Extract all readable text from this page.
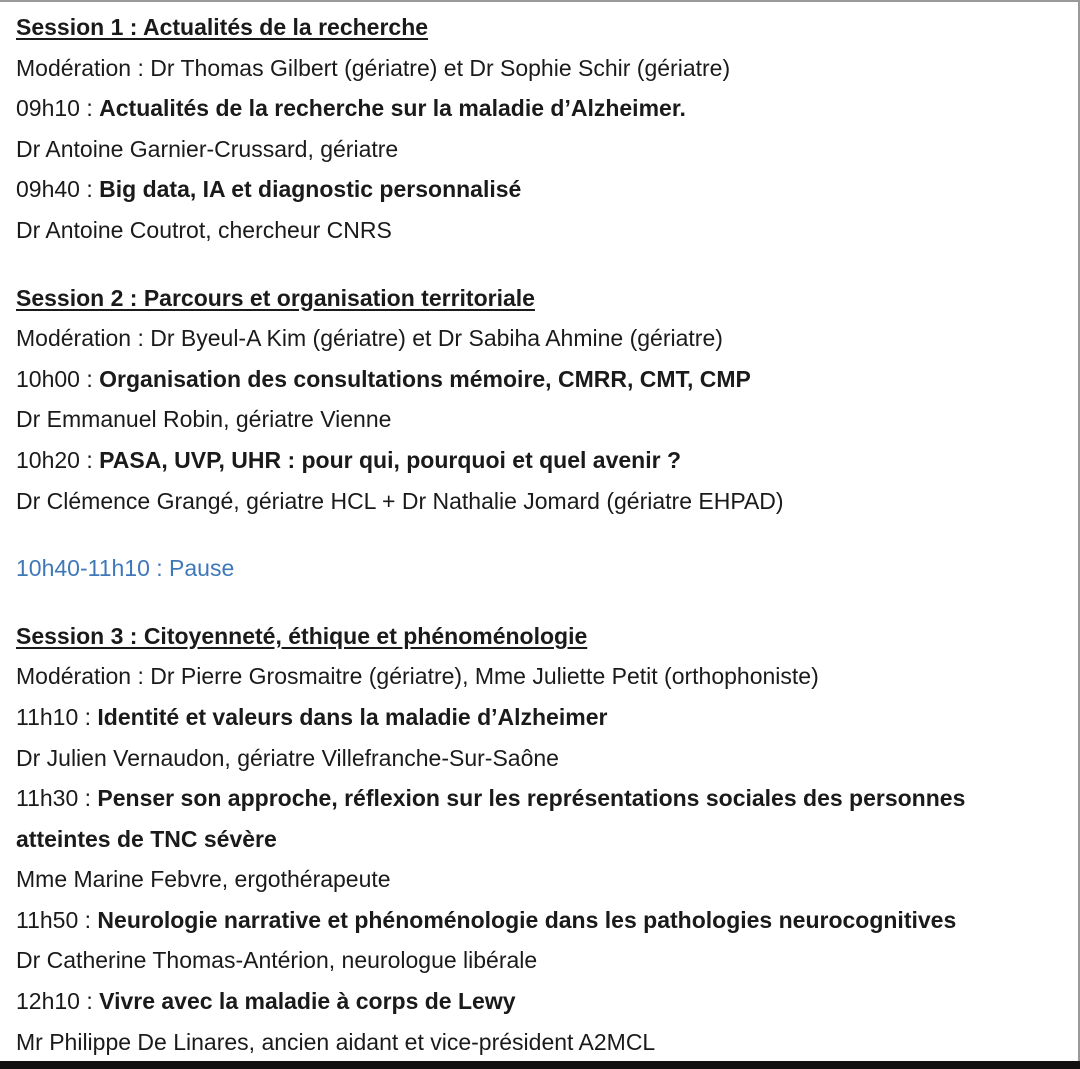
Session 1 : Actualités de la recherche
Modération : Dr Thomas Gilbert (gériatre) et Dr Sophie Schir (gériatre)
09h10 : Actualités de la recherche sur la maladie d’Alzheimer.
Dr Antoine Garnier-Crussard, gériatre
09h40 : Big data, IA et diagnostic personnalisé
Dr Antoine Coutrot, chercheur CNRS
Session 2 : Parcours et organisation territoriale
Modération : Dr Byeul-A Kim (gériatre) et Dr Sabiha Ahmine (gériatre)
10h00 : Organisation des consultations mémoire, CMRR, CMT, CMP
Dr Emmanuel Robin, gériatre Vienne
10h20 : PASA, UVP, UHR : pour qui, pourquoi et quel avenir ?
Dr Clémence Grangé, gériatre HCL + Dr Nathalie Jomard (gériatre EHPAD)
10h40-11h10 : Pause
Session 3 : Citoyenneté, éthique et phénoménologie
Modération : Dr Pierre Grosmaitre (gériatre), Mme Juliette Petit (orthophoniste)
11h10 : Identité et valeurs dans la maladie d’Alzheimer
Dr Julien Vernaudon, gériatre Villefranche-Sur-Saône
11h30 : Penser son approche, réflexion sur les représentations sociales des personnes
atteintes de TNC sévère
Mme Marine Febvre, ergothérapeute
11h50 : Neurologie narrative et phénoménologie dans les pathologies neurocognitives
Dr Catherine Thomas-Antérion, neurologue libérale
12h10 : Vivre avec la maladie à corps de Lewy
Mr Philippe De Linares, ancien aidant et vice-président A2MCL
